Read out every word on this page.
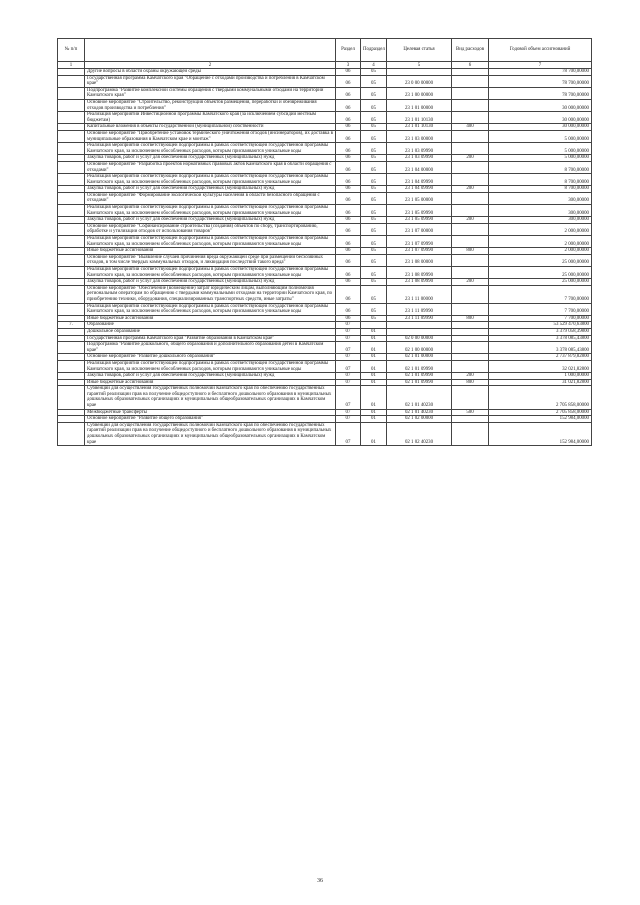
№ п/п		Раздел	Подраздел	Целевая статья	Вид расходов	Годовой объем ассигнований
1	2	3	4	5	6	7
	Другие вопросы в области охраны окружающей среды	06	05			78 700,00000
	Государственная программа Камчатского края "Обращение с отходами производства и потребления в Камчатском крае"	06	05	23 0 00 00000		78 700,00000
	Подпрограмма "Развитие комплексной системы обращения с твердыми коммунальными отходами на территории Камчатского края"	06	05	23 1 00 00000		78 700,00000
	Основное мероприятие "Строительство, реконструкция объектов размещения, переработки и обезвреживания отходов производства и потребления"	06	05	23 1 01 00000		30 000,00000
	Реализация мероприятий Инвестиционной программы Камчатского края (за исключением субсидий местным бюджетам)	06	05	23 1 01 10130		30 000,00000
	Капитальные вложения в объекты государственной (муниципальной) собственности	06	05	23 1 01 10130	400	30 000,00000
	Основное мероприятие "Приобретение установок термического уничтожения отходов (инсинераторов), их доставка в муниципальные образования в Камчатском крае и монтаж"	06	05	23 1 03 00000		5 000,00000
	Реализация мероприятий соответствующей подпрограммы в рамках соответствующей государственной программы Камчатского края, за исключением обособленных расходов, которым присваиваются уникальные коды	06	05	23 1 03 09990		5 000,00000
	Закупка товаров, работ и услуг для обеспечения государственных (муниципальных) нужд	06	05	23 1 03 09990	200	5 000,00000
	Основное мероприятие "Разработка проектов нормативных правовых актов Камчатского края в области обращения с отходами"	06	05	23 1 04 00000		8 700,00000
	Реализация мероприятий соответствующей подпрограммы в рамках соответствующей государственной программы Камчатского края, за исключением обособленных расходов, которым присваиваются уникальные коды	06	05	23 1 04 09990		8 700,00000
	Закупка товаров, работ и услуг для обеспечения государственных (муниципальных) нужд	06	05	23 1 04 09990	200	8 700,00000
	Основное мероприятие "Формирование экологической культуры населения в области безопасного обращения с отходами"	06	05	23 1 05 00000		300,00000
	Реализация мероприятий соответствующей подпрограммы в рамках соответствующей государственной программы Камчатского края, за исключением обособленных расходов, которым присваиваются уникальные коды	06	05	23 1 05 09990		300,00000
	Закупка товаров, работ и услуг для обеспечения государственных (муниципальных) нужд	06	05	23 1 05 09990	200	300,00000
	Основное мероприятие "Софинансирование строительства (создания) объектов по сбору, транспортированию, обработке и утилизации отходов от использования товаров"	06	05	23 1 07 00000		2 000,00000
	Реализация мероприятий соответствующей подпрограммы в рамках соответствующей государственной программы Камчатского края, за исключением обособленных расходов, которым присваиваются уникальные коды	06	05	23 1 07 09990		2 000,00000
	Иные бюджетные ассигнования	06	05	23 1 07 09990	800	2 000,00000
	Основное мероприятие "Выявление случаев причинения вреда окружающей среде при размещении бесхозяйных отходов, в том числе твердых коммунальных отходов, и ликвидация последствий такого вреда"	06	05	23 1 08 00000		25 000,00000
	Реализация мероприятий соответствующей подпрограммы в рамках соответствующей государственной программы Камчатского края, за исключением обособленных расходов, которым присваиваются уникальные коды	06	05	23 1 08 09990		25 000,00000
	Закупка товаров, работ и услуг для обеспечения государственных (муниципальных) нужд	06	05	23 1 08 09990	200	25 000,00000
	Основное мероприятие "Обеспечение (возмещение) затрат юридическим лицам, выполняющим полномочия региональным операторам по обращению с твердыми коммунальными отходами на территории Камчатского края, по приобретению техники, оборудования, специализированных транспортных средств, иные затраты"	06	05	23 1 11 00000		7 700,00000
	Реализация мероприятий соответствующей подпрограммы в рамках соответствующей государственной программы Камчатского края, за исключением обособленных расходов, которым присваиваются уникальные коды	06	05	23 1 11 09990		7 700,00000
	Иные бюджетные ассигнования	06	05	23 1 11 09990	800	7 700,00000
7.	Образование	07				53 529 470,63800
	Дошкольное образование	07	01			3 379 058,39800
	Государственная программа Камчатского края "Развитие образования в Камчатском крае"	07	01	02 0 00 00000		3 378 085,43800
	Подпрограмма "Развитие дошкольного, общего образования и дополнительного образования детей в Камчатском крае"	07	01	02 1 00 00000		3 378 085,43800
	Основное мероприятие "Развитие дошкольного образования"	07	01	02 1 01 00000		2 737 879,82800
	Реализация мероприятий соответствующей подпрограммы в рамках соответствующей государственной программы Камчатского края, за исключением обособленных расходов, которым присваиваются уникальные коды	07	01	02 1 01 09990		32 021,82800
	Закупка товаров, работ и услуг для обеспечения государственных (муниципальных) нужд	07	01	02 1 01 09990	200	1 000,00000
	Иные бюджетные ассигнования	07	01	02 1 01 09990	800	31 021,82800
	Субвенции для осуществления государственных полномочий Камчатского края по обеспечению государственных гарантий реализации прав на получение общедоступного и бесплатного дошкольного образования в муниципальных дошкольных образовательных организациях и муниципальных общеобразовательных организациях в Камчатском крае	07	01	02 1 01 40230		2 705 858,00000
	Межбюджетные трансферты	07	01	02 1 01 40230	500	2 705 858,00000
	Основное мероприятие "Развитие общего образования"	07	01	02 1 02 00000		152 984,00000
	Субвенции для осуществления государственных полномочий Камчатского края по обеспечению государственных гарантий реализации прав на получение общедоступного и бесплатного дошкольного образования в муниципальных дошкольных образовательных организациях и муниципальных общеобразовательных организациях в Камчатском крае	07	01	02 1 02 40230		152 984,00000
36
